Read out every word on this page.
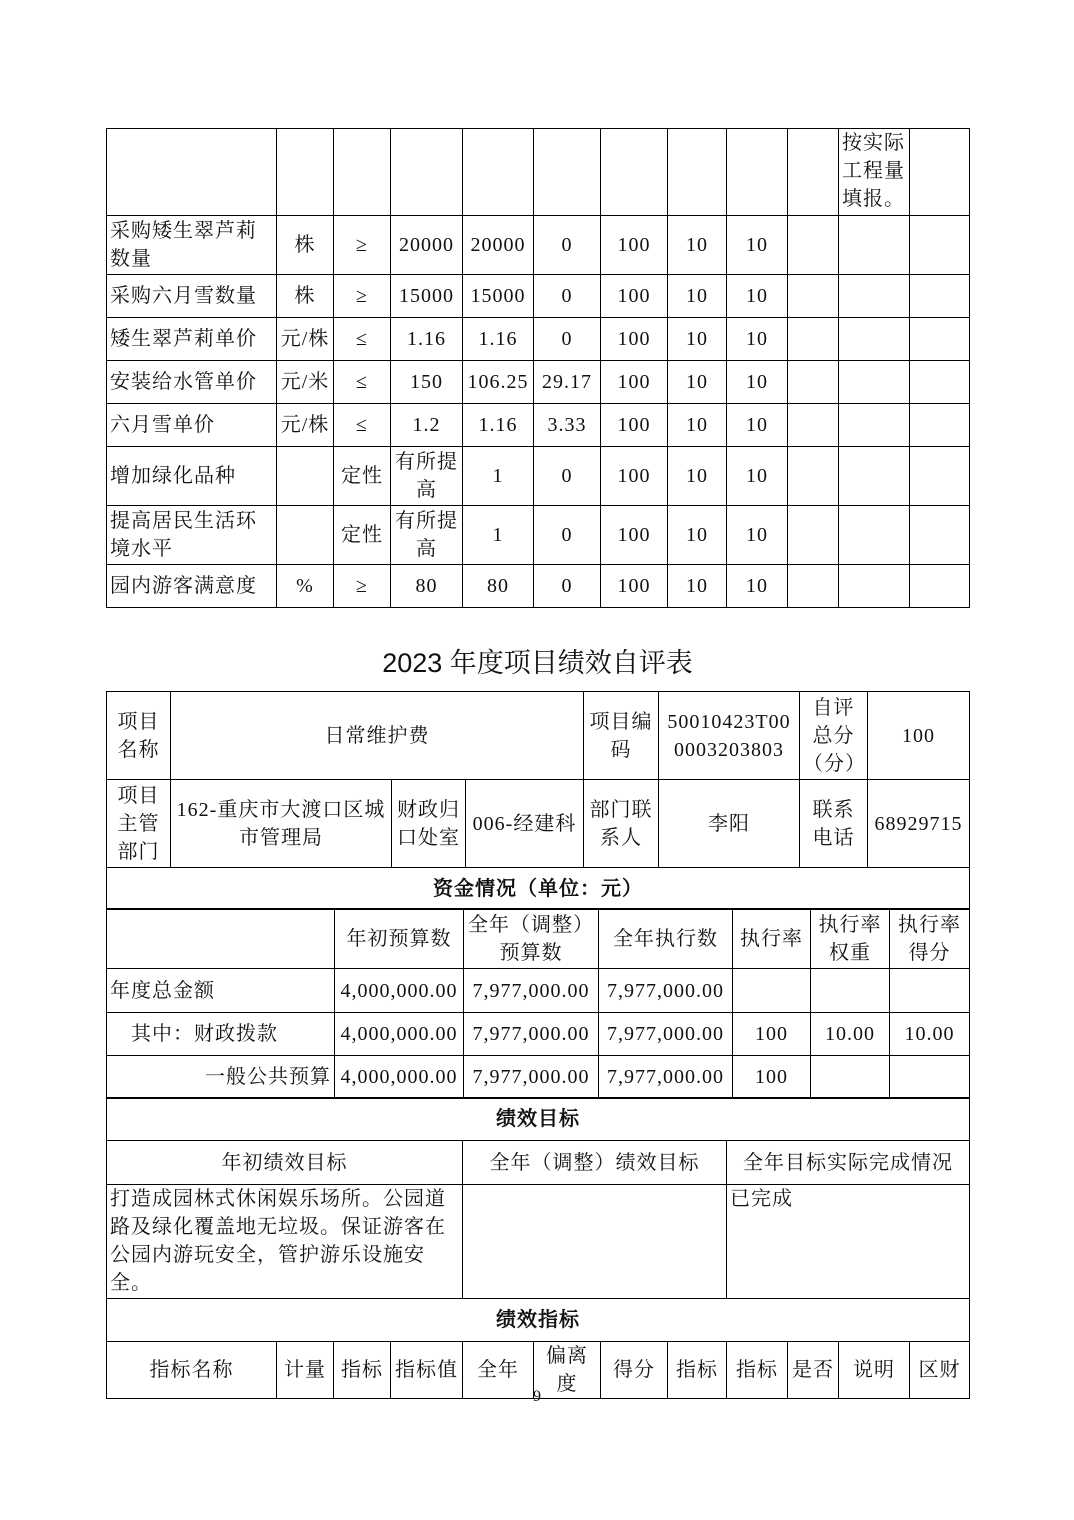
										按实际工程量填报。	
采购矮生翠芦莉数量	株	≥	20000	20000	0	100	10	10			
采购六月雪数量	株	≥	15000	15000	0	100	10	10			
矮生翠芦莉单价	元/株	≤	1.16	1.16	0	100	10	10			
安装给水管单价	元/米	≤	150	106.25	29.17	100	10	10			
六月雪单价	元/株	≤	1.2	1.16	3.33	100	10	10			
增加绿化品种		定性	有所提高	1	0	100	10	10			
提高居民生活环境水平		定性	有所提高	1	0	100	10	10			
园内游客满意度	%	≥	80	80	0	100	10	10			
2023 年度项目绩效自评表
项目名称	日常维护费			项目编码	50010423T000003203803	自评总分（分）	100
项目主管部门	162-重庆市大渡口区城市管理局	财政归口处室	006-经建科	部门联系人	李阳	联系电话	68929715
资金情况（单位：元）							
	年初预算数	全年（调整）预算数	全年执行数	执行率	执行率权重	执行率得分
年度总金额	4,000,000.00	7,977,000.00	7,977,000.00			
其中：财政拨款	4,000,000.00	7,977,000.00	7,977,000.00	100	10.00	10.00
一般公共预算	4,000,000.00	7,977,000.00	7,977,000.00	100		
绩效目标											
年初绩效目标				全年（调整）绩效目标				全年目标实际完成情况			
打造成园林式休闲娱乐场所。公园道路及绿化覆盖地无垃圾。保证游客在公园内游玩安全，管护游乐设施安全。								已完成			
绩效指标											
指标名称	计量	指标	指标值	全年	偏离度	得分	指标	指标	是否	说明	区财
9
